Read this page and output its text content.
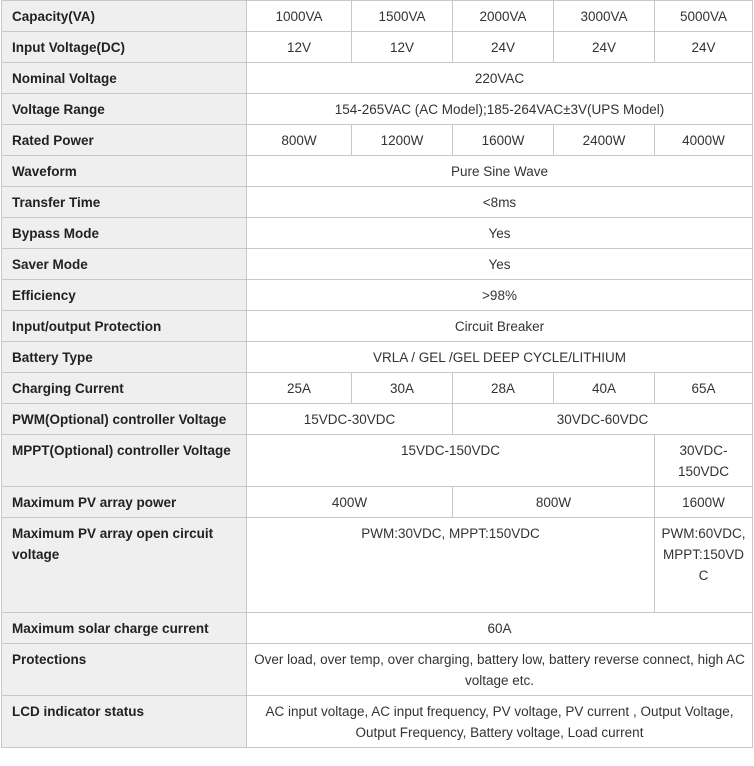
Capacity(VA)	1000VA	1500VA	2000VA	3000VA	5000VA
Input Voltage(DC)	12V	12V	24V	24V	24V
Nominal Voltage	220VAC				
Voltage Range	154-265VAC (AC Model);185-264VAC±3V(UPS Model)				
Rated Power	800W	1200W	1600W	2400W	4000W
Waveform	Pure Sine Wave				
Transfer Time	<8ms				
Bypass Mode	Yes				
Saver Mode	Yes				
Efficiency	>98%				
Input/output Protection	Circuit Breaker				
Battery Type	VRLA / GEL /GEL DEEP CYCLE/LITHIUM				
Charging Current	25A	30A	28A	40A	65A
PWM(Optional) controller Voltage	15VDC-30VDC		30VDC-60VDC		
MPPT(Optional) controller Voltage	15VDC-150VDC				30VDC-150VDC
Maximum PV array power	400W		800W		1600W
Maximum PV array open circuit voltage	PWM:30VDC, MPPT:150VDC				PWM:60VDC, MPPT:150VDC
Maximum solar charge current	60A				
Protections	Over load, over temp, over charging, battery low, battery reverse connect, high AC voltage etc.				
LCD indicator status	AC input voltage, AC input frequency, PV voltage, PV current , Output Voltage, Output Frequency, Battery voltage, Load current				
